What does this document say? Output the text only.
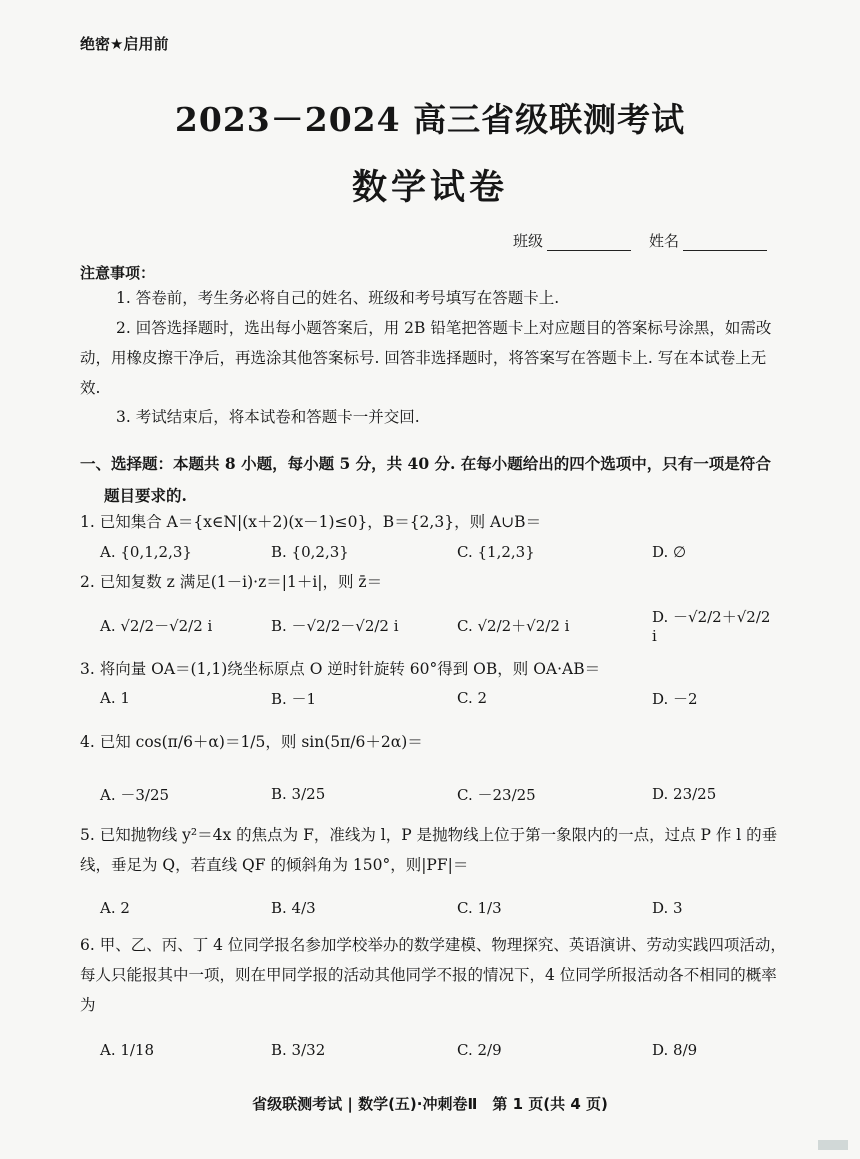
绝密★启用前
2023－2024 高三省级联测考试
数学试卷
班级	姓名
注意事项：
1. 答卷前，考生务必将自己的姓名、班级和考号填写在答题卡上.
2. 回答选择题时，选出每小题答案后，用 2B 铅笔把答题卡上对应题目的答案标号涂黑，如需改动，用橡皮擦干净后，再选涂其他答案标号. 回答非选择题时，将答案写在答题卡上. 写在本试卷上无效.
3. 考试结束后，将本试卷和答题卡一并交回.
一、选择题：本题共 8 小题，每小题 5 分，共 40 分. 在每小题给出的四个选项中，只有一项是符合
题目要求的.
1. 已知集合 A＝{x∈N|(x＋2)(x－1)≤0}，B＝{2,3}，则 A∪B＝
A. {0,1,2,3}	B. {0,2,3}	C. {1,2,3}	D. ∅
2. 已知复数 z 满足(1－i)·z＝|1＋i|，则 z̄＝
A. √2/2－√2/2 i	B. －√2/2－√2/2 i	C. √2/2＋√2/2 i	D. －√2/2＋√2/2 i
3. 将向量 OA＝(1,1)绕坐标原点 O 逆时针旋转 60°得到 OB，则 OA·AB＝
A. 1	B. －1	C. 2	D. －2
4. 已知 cos(π/6＋α)＝1/5，则 sin(5π/6＋2α)＝
A. －3/25	B. 3/25	C. －23/25	D. 23/25
5. 已知抛物线 y²＝4x 的焦点为 F，准线为 l，P 是抛物线上位于第一象限内的一点，过点 P 作 l 的垂线，垂足为 Q，若直线 QF 的倾斜角为 150°，则|PF|＝
A. 2	B. 4/3	C. 1/3	D. 3
6. 甲、乙、丙、丁 4 位同学报名参加学校举办的数学建模、物理探究、英语演讲、劳动实践四项活动，每人只能报其中一项，则在甲同学报的活动其他同学不报的情况下，4 位同学所报活动各不相同的概率为
A. 1/18	B. 3/32	C. 2/9	D. 8/9
省级联测考试 | 数学(五)·冲刺卷Ⅱ　第 1 页(共 4 页)
